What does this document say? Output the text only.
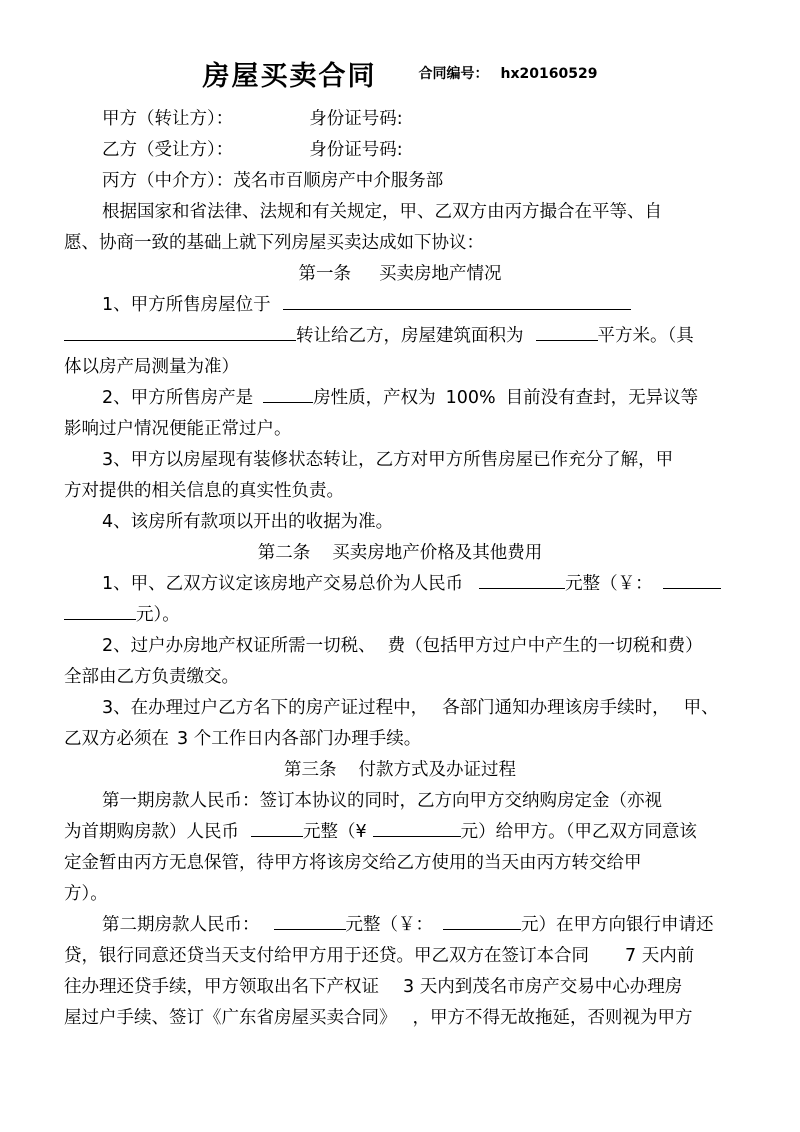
房屋买卖合同	合同编号： hx20160529
甲方（转让方）：	身份证号码:
乙方（受让方）：	身份证号码:
丙方（中介方）：茂名市百顺房产中介服务部
根据国家和省法律、法规和有关规定，甲、乙双方由丙方撮合在平等、自
愿、协商一致的基础上就下列房屋买卖达成如下协议：
第一条 买卖房地产情况
1、甲方所售房屋位于
转让给乙方，房屋建筑面积为	平方米。（具
体以房产局测量为准）
2、甲方所售房产是	房性质，产权为 100% 目前没有查封，无异议等
影响过户情况便能正常过户。
3、甲方以房屋现有装修状态转让，乙方对甲方所售房屋已作充分了解，甲
方对提供的相关信息的真实性负责。
4、该房所有款项以开出的收据为准。
第二条 买卖房地产价格及其他费用
1、甲、乙双方议定该房地产交易总价为人民币	元整（￥：
元）。
2、过户办房地产权证所需一切税、 费（包括甲方过户中产生的一切税和费）
全部由乙方负责缴交。
3、在办理过户乙方名下的房产证过程中， 各部门通知办理该房手续时， 甲、
乙双方必须在 3 个工作日内各部门办理手续。
第三条 付款方式及办证过程
第一期房款人民币：签订本协议的同时，乙方向甲方交纳购房定金（亦视
为首期购房款）人民币	元整（¥	元）给甲方。（甲乙双方同意该
定金暂由丙方无息保管，待甲方将该房交给乙方使用的当天由丙方转交给甲
方）。
第二期房款人民币：	元整（￥：	元）在甲方向银行申请还
贷，银行同意还贷当天支付给甲方用于还贷。甲乙双方在签订本合同 7 天内前
往办理还贷手续，甲方领取出名下产权证 3 天内到茂名市房产交易中心办理房
屋过户手续、签订《广东省房屋买卖合同》 ，甲方不得无故拖延，否则视为甲方
